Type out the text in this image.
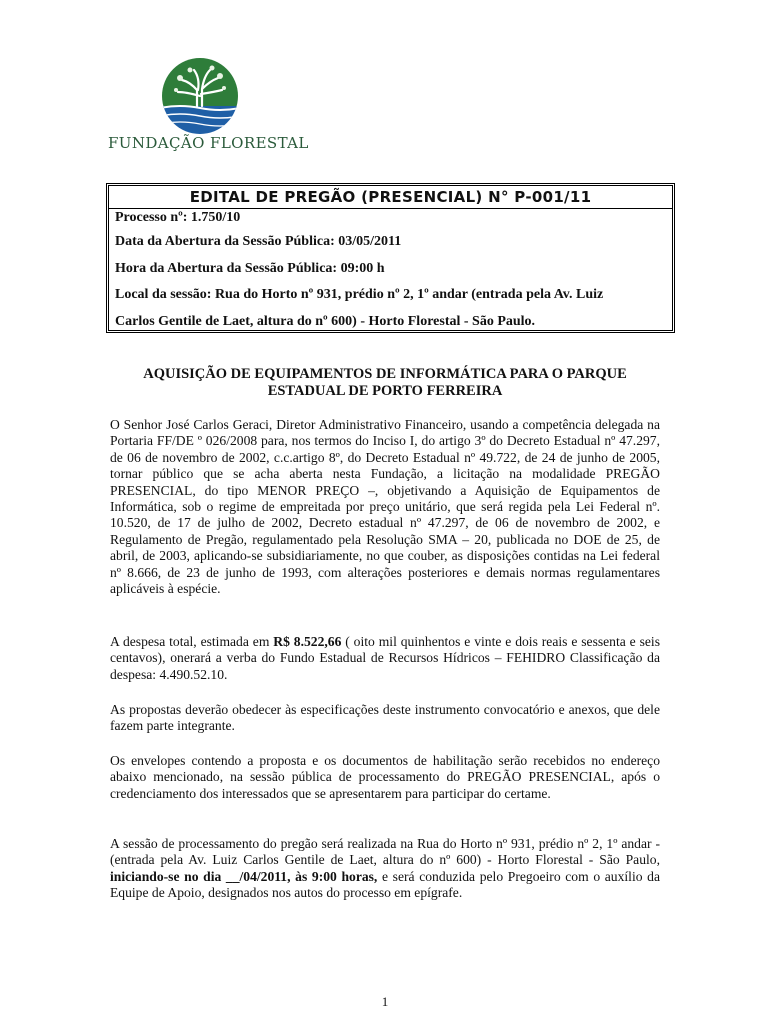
FUNDAÇÃO FLORESTAL
EDITAL DE PREGÃO (PRESENCIAL) N° P-001/11
Processo nº: 1.750/10
Data da Abertura da Sessão Pública: 03/05/2011
Hora da Abertura da Sessão Pública: 09:00 h
Local da sessão: Rua do Horto nº 931, prédio nº 2, 1º andar (entrada pela Av. Luiz
Carlos Gentile de Laet, altura do nº 600) - Horto Florestal - São Paulo.
AQUISIÇÃO DE EQUIPAMENTOS DE INFORMÁTICA PARA O PARQUE ESTADUAL DE PORTO FERREIRA

O Senhor José Carlos Geraci, Diretor Administrativo Financeiro, usando a competência delegada na Portaria FF/DE º 026/2008 para, nos termos do Inciso I, do artigo 3º do Decreto Estadual nº 47.297, de 06 de novembro de 2002, c.c.artigo 8º, do Decreto Estadual nº 49.722, de 24 de junho de 2005, tornar público que se acha aberta nesta Fundação, a licitação na modalidade PREGÃO PRESENCIAL, do tipo MENOR PREÇO –, objetivando a Aquisição de Equipamentos de Informática, sob o regime de empreitada por preço unitário, que será regida pela Lei Federal nº. 10.520, de 17 de julho de 2002, Decreto estadual nº 47.297, de 06 de novembro de 2002, e Regulamento de Pregão, regulamentado pela Resolução SMA – 20, publicada no DOE de 25, de abril, de 2003, aplicando-se subsidiariamente, no que couber, as disposições contidas na Lei federal nº 8.666, de 23 de junho de 1993, com alterações posteriores e demais normas regulamentares aplicáveis à espécie.

A despesa total, estimada em R$ 8.522,66 ( oito mil quinhentos e vinte e dois reais e sessenta e seis centavos), onerará a verba do Fundo Estadual de Recursos Hídricos – FEHIDRO Classificação da despesa: 4.490.52.10.

As propostas deverão obedecer às especificações deste instrumento convocatório e anexos, que dele fazem parte integrante.

Os envelopes contendo a proposta e os documentos de habilitação serão recebidos no endereço abaixo mencionado, na sessão pública de processamento do PREGÃO PRESENCIAL, após o credenciamento dos interessados que se apresentarem para participar do certame.

A sessão de processamento do pregão será realizada na Rua do Horto nº 931, prédio nº 2, 1º andar - (entrada pela Av. Luiz Carlos Gentile de Laet, altura do nº 600) - Horto Florestal - São Paulo, iniciando-se no dia __/04/2011, às 9:00 horas, e será conduzida pelo Pregoeiro com o auxílio da Equipe de Apoio, designados nos autos do processo em epígrafe.

1
